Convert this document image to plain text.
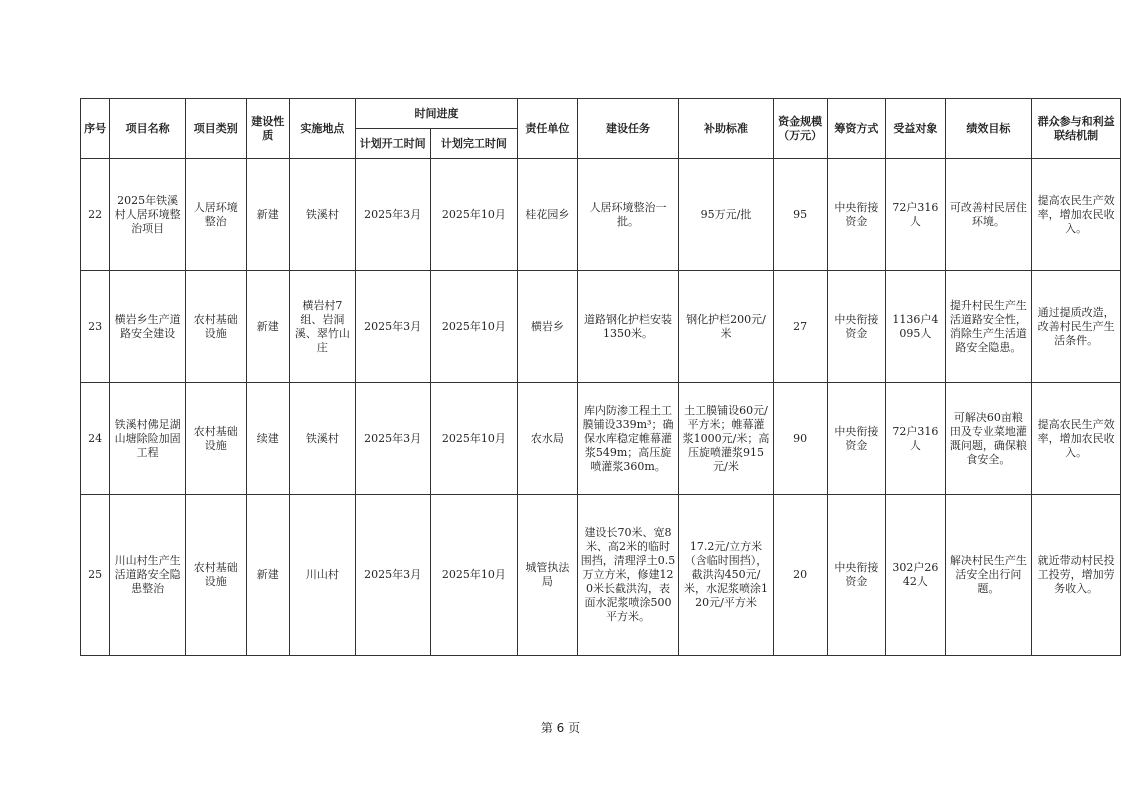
序号	项目名称	项目类别	建设性质	实施地点	时间进度		责任单位	建设任务	补助标准	资金规模（万元）	筹资方式	受益对象	绩效目标	群众参与和利益联结机制
					计划开工时间	计划完工时间								
22	2025年铁溪村人居环境整治项目	人居环境整治	新建	铁溪村	2025年3月	2025年10月	桂花园乡	人居环境整治一批。	95万元/批	95	中央衔接资金	72户316人	可改善村民居住环境。	提高农民生产效率，增加农民收入。
23	横岩乡生产道路安全建设	农村基础设施	新建	横岩村7组、岩洞溪、翠竹山庄	2025年3月	2025年10月	横岩乡	道路钢化护栏安装1350米。	钢化护栏200元/米	27	中央衔接资金	1136户4095人	提升村民生产生活道路安全性，消除生产生活道路安全隐患。	通过提质改造，改善村民生产生活条件。
24	铁溪村佛足湖山塘除险加固工程	农村基础设施	续建	铁溪村	2025年3月	2025年10月	农水局	库内防渗工程土工膜铺设339m³；确保水库稳定帷幕灌浆549m；高压旋喷灌浆360m。	土工膜铺设60元/平方米；帷幕灌浆1000元/米；高压旋喷灌浆915元/米	90	中央衔接资金	72户316人	可解决60亩粮田及专业菜地灌溉问题，确保粮食安全。	提高农民生产效率，增加农民收入。
25	川山村生产生活道路安全隐患整治	农村基础设施	新建	川山村	2025年3月	2025年10月	城管执法局	建设长70米、宽8米、高2米的临时围挡，清理浮土0.5万立方米，修建120米长截洪沟，表面水泥浆喷涂500平方米。	17.2元/立方米（含临时围挡），截洪沟450元/米，水泥浆喷涂120元/平方米	20	中央衔接资金	302户2642人	解决村民生产生活安全出行问题。	就近带动村民投工投劳，增加劳务收入。
第 6 页
